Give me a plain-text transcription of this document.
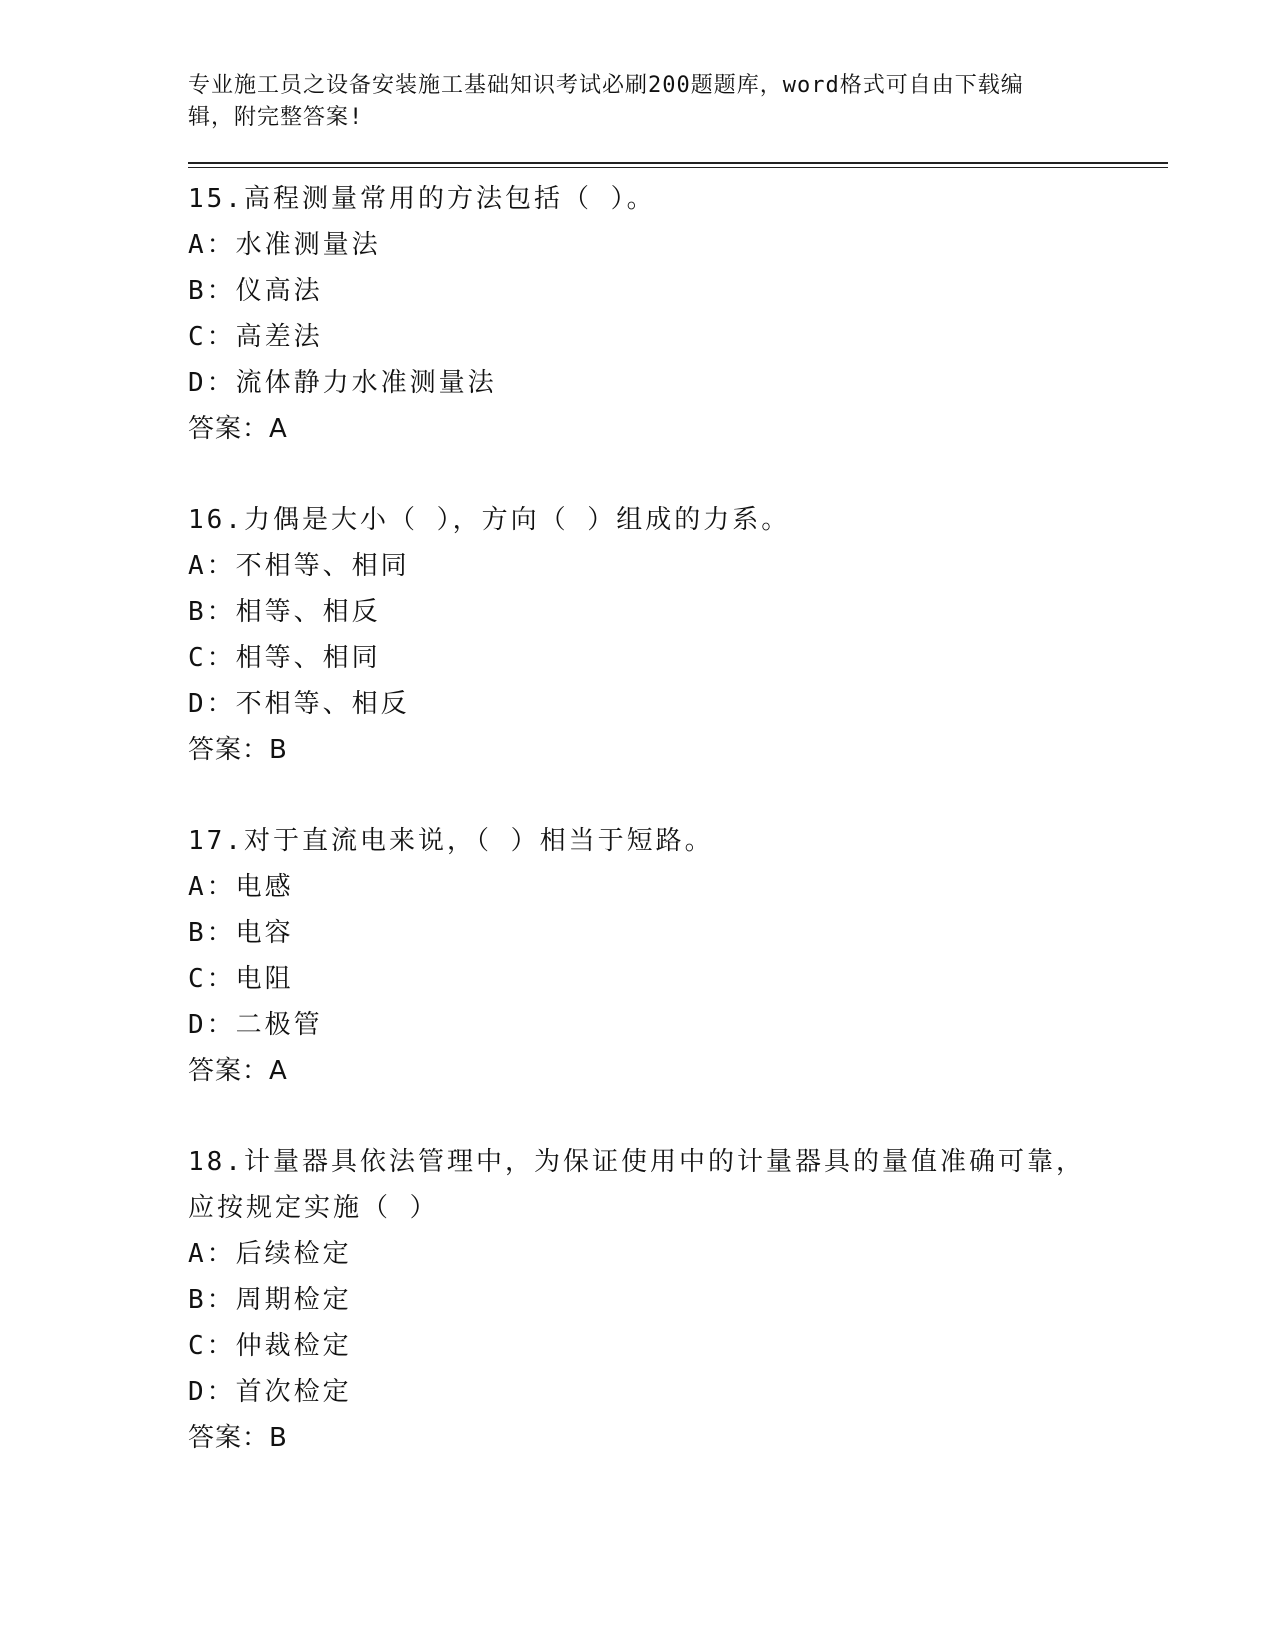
专业施工员之设备安装施工基础知识考试必刷200题题库，word格式可自由下载编辑，附完整答案!

15.高程测量常用的方法包括（ ）。
A：水准测量法
B：仪高法
C：高差法
D：流体静力水准测量法
答案：A
16.力偶是大小（ ），方向（ ）组成的力系。
A：不相等、相同
B：相等、相反
C：相等、相同
D：不相等、相反
答案：B
17.对于直流电来说，（ ）相当于短路。
A：电感
B：电容
C：电阻
D：二极管
答案：A
18.计量器具依法管理中，为保证使用中的计量器具的量值准确可靠，应按规定实施（ ）
A：后续检定
B：周期检定
C：仲裁检定
D：首次检定
答案：B
